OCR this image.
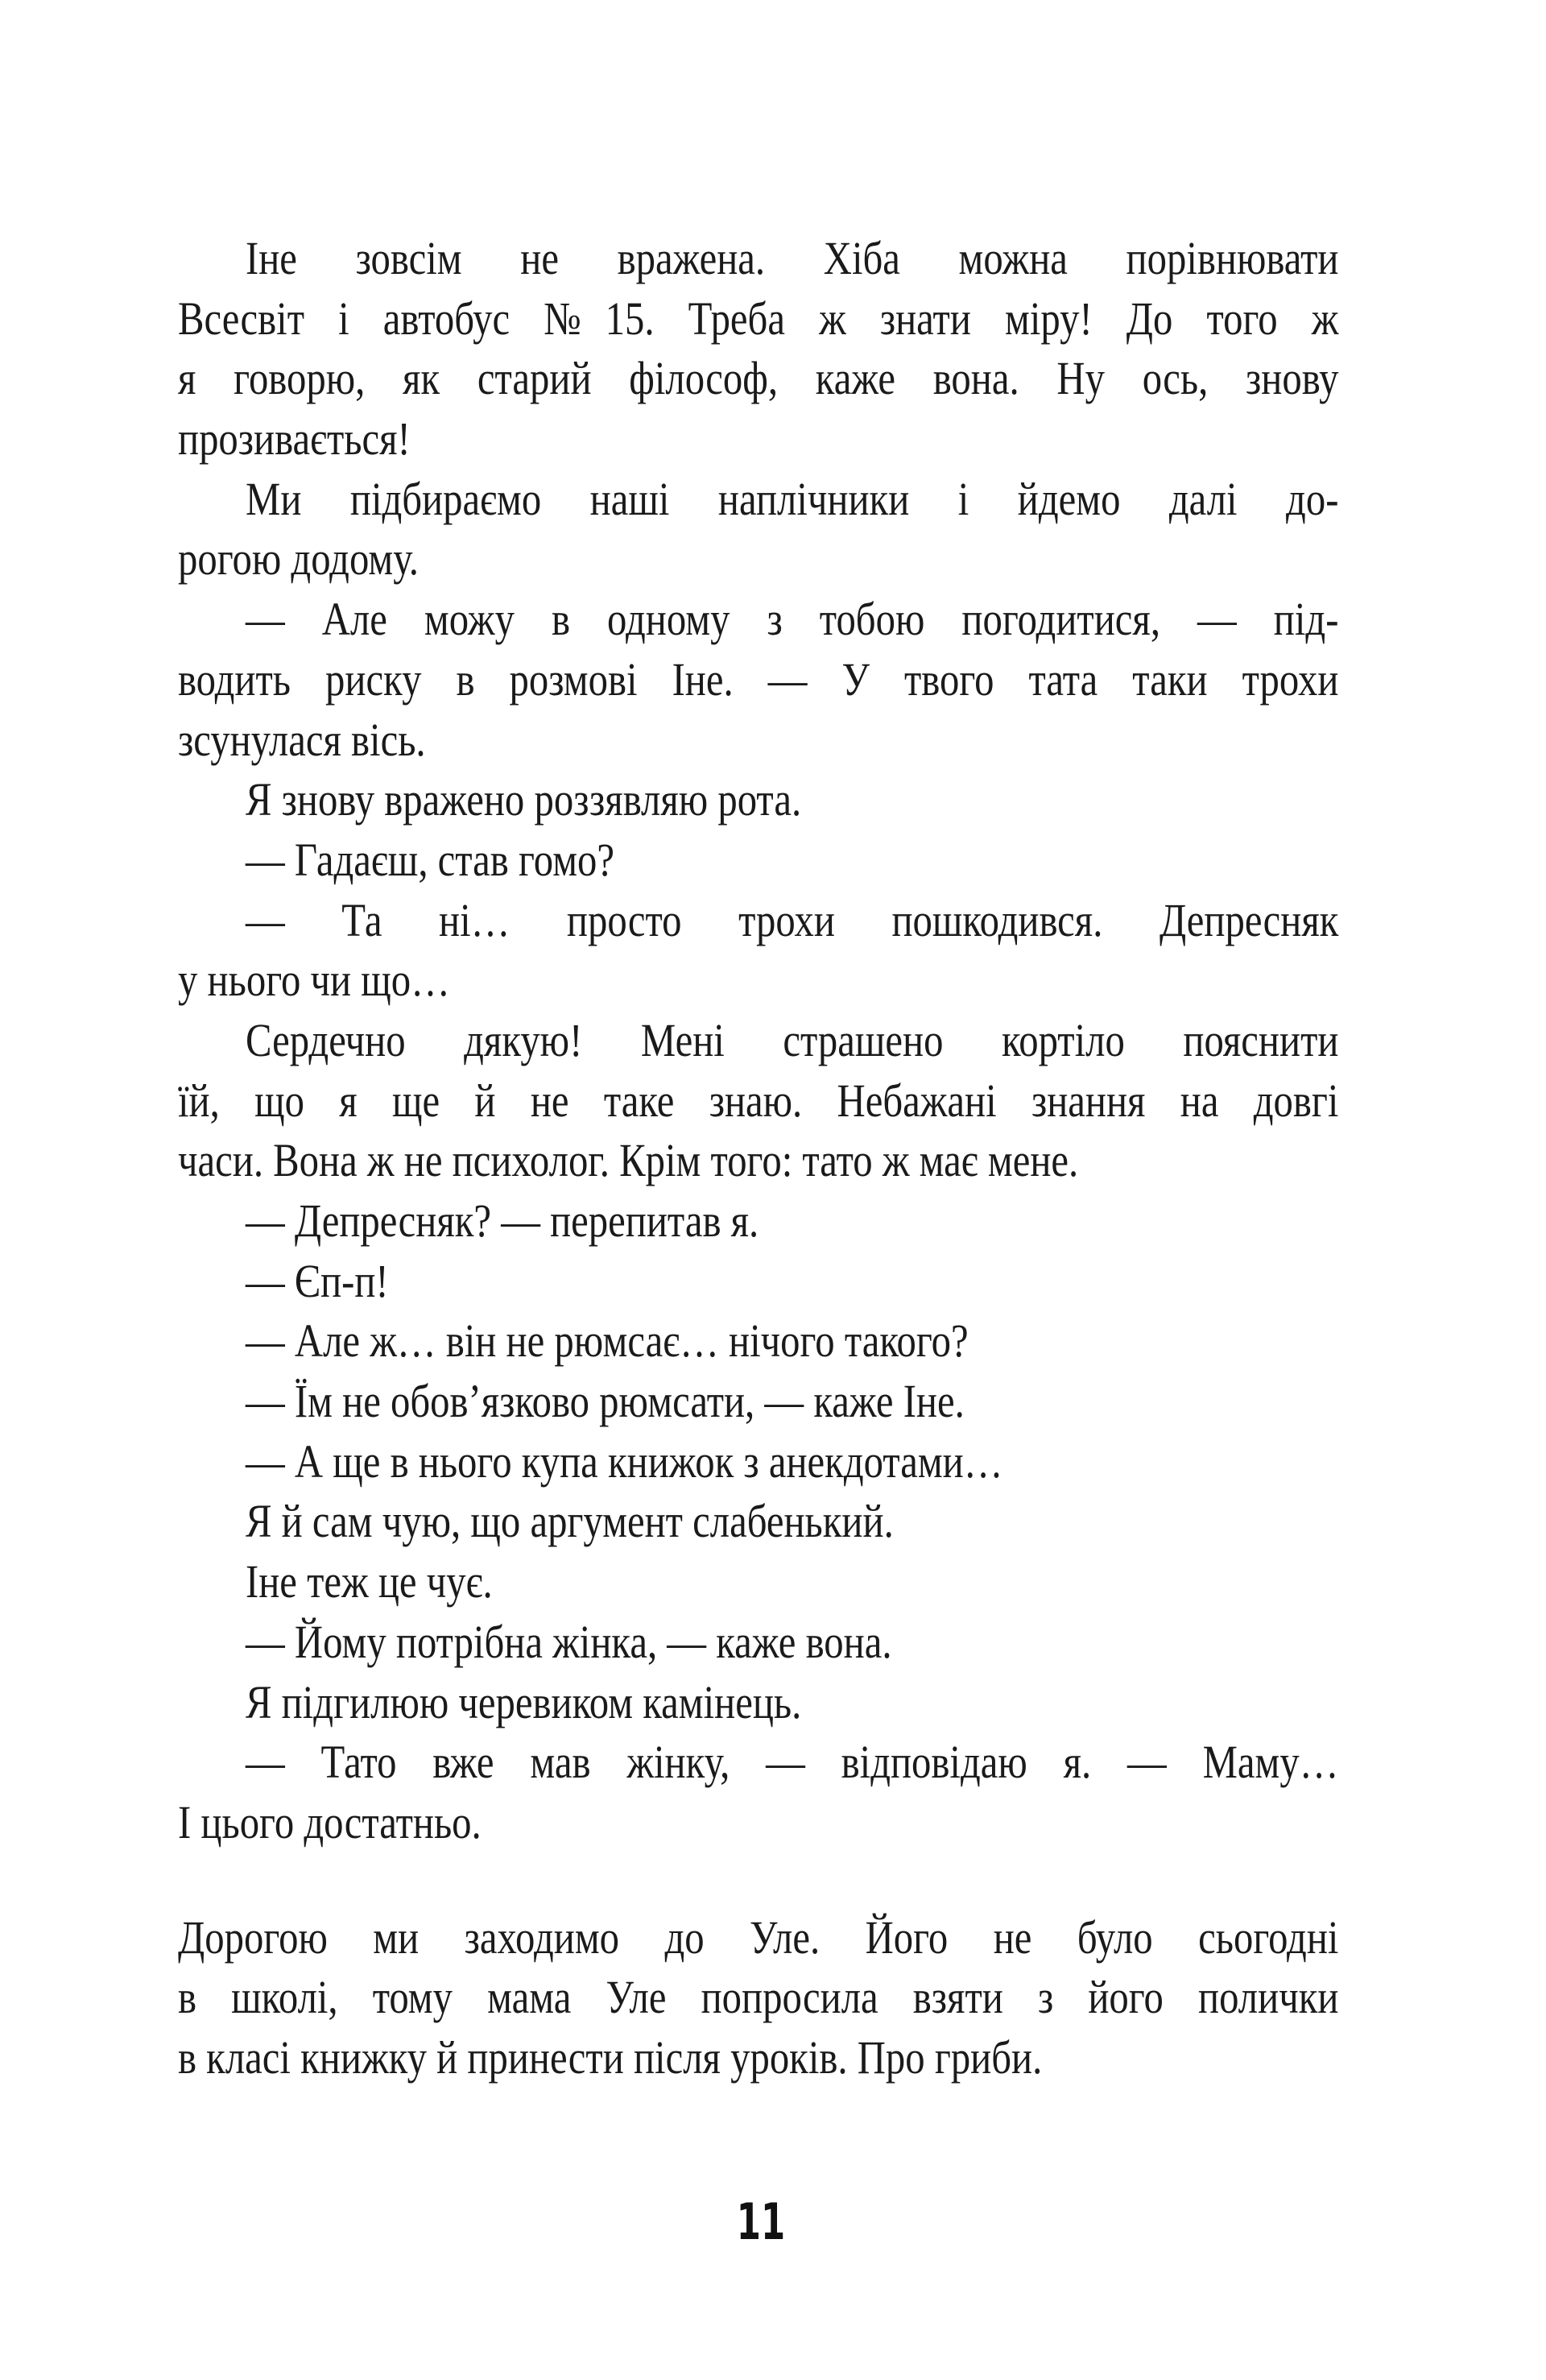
Іне зовсім не вражена. Хіба можна порівнювати
Всесвіт і автобус №15. Треба ж знати міру! До того ж
я говорю, як старий філософ, каже вона. Ну ось, знову
прозивається!
Ми підбираємо наші наплічники і йдемо далі до-
рогою додому.
— Але можу в одному з тобою погодитися, — під-
водить риску в розмові Іне. — У твого тата таки трохи
зсунулася вісь.
Я знову вражено роззявляю рота.
— Гадаєш, став гомо?
— Та ні… просто трохи пошкодився. Депресняк
у нього чи що…
Сердечно дякую! Мені страшено кортіло пояснити
їй, що я ще й не таке знаю. Небажані знання на довгі
часи. Вона ж не психолог. Крім того: тато ж має мене.
— Депресняк? — перепитав я.
— Єп-п!
— Але ж… він не рюмсає… нічого такого?
— Їм не обов’язково рюмсати, — каже Іне.
— А ще в нього купа книжок з анекдотами…
Я й сам чую, що аргумент слабенький.
Іне теж це чує.
— Йому потрібна жінка, — каже вона.
Я підгилюю черевиком камінець.
— Тато вже мав жінку, — відповідаю я. — Маму…
І цього достатньо.
Дорогою ми заходимо до Уле. Його не було сьогодні
в школі, тому мама Уле попросила взяти з його полички
в класі книжку й принести після уроків. Про гриби.
11
